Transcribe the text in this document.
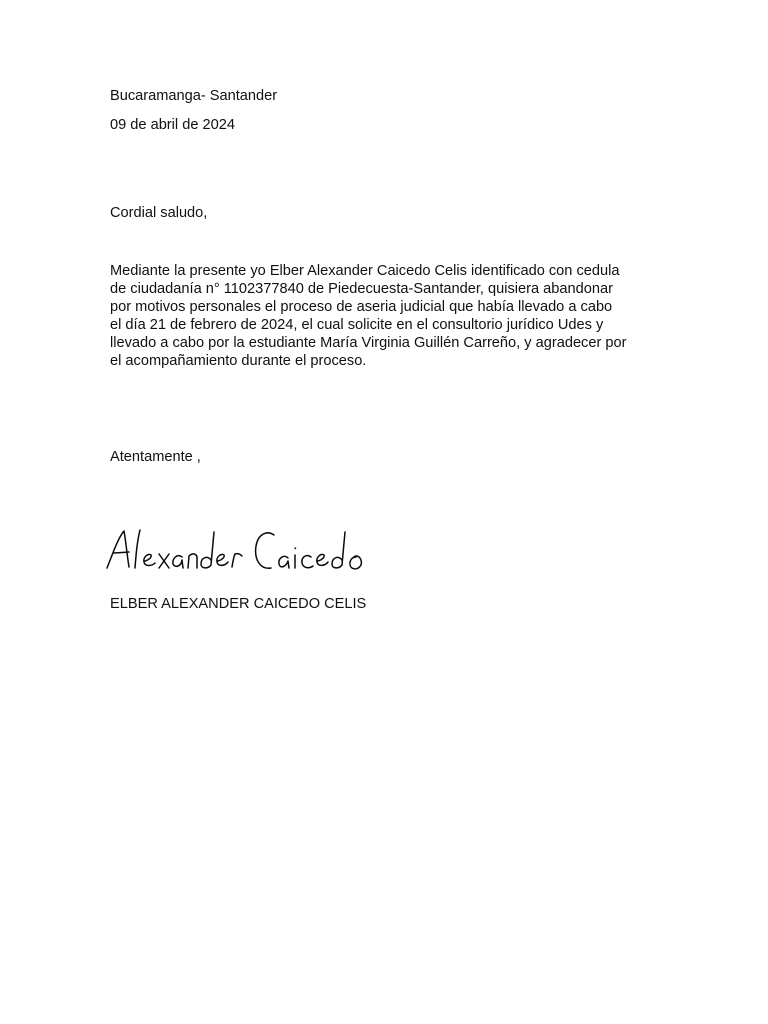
Bucaramanga- Santander

09 de abril de 2024

Cordial saludo,

Mediante la presente yo Elber Alexander Caicedo Celis identificado con cedula

de ciudadanía n° 1102377840 de Piedecuesta-Santander, quisiera abandonar

por motivos personales el proceso de aseria judicial que había llevado a cabo

el día 21 de febrero de 2024, el cual solicite en el consultorio jurídico Udes y

llevado a cabo por la estudiante María Virginia Guillén Carreño, y agradecer por

el acompañamiento durante el proceso.

Atentamente ,

ELBER ALEXANDER CAICEDO CELIS
